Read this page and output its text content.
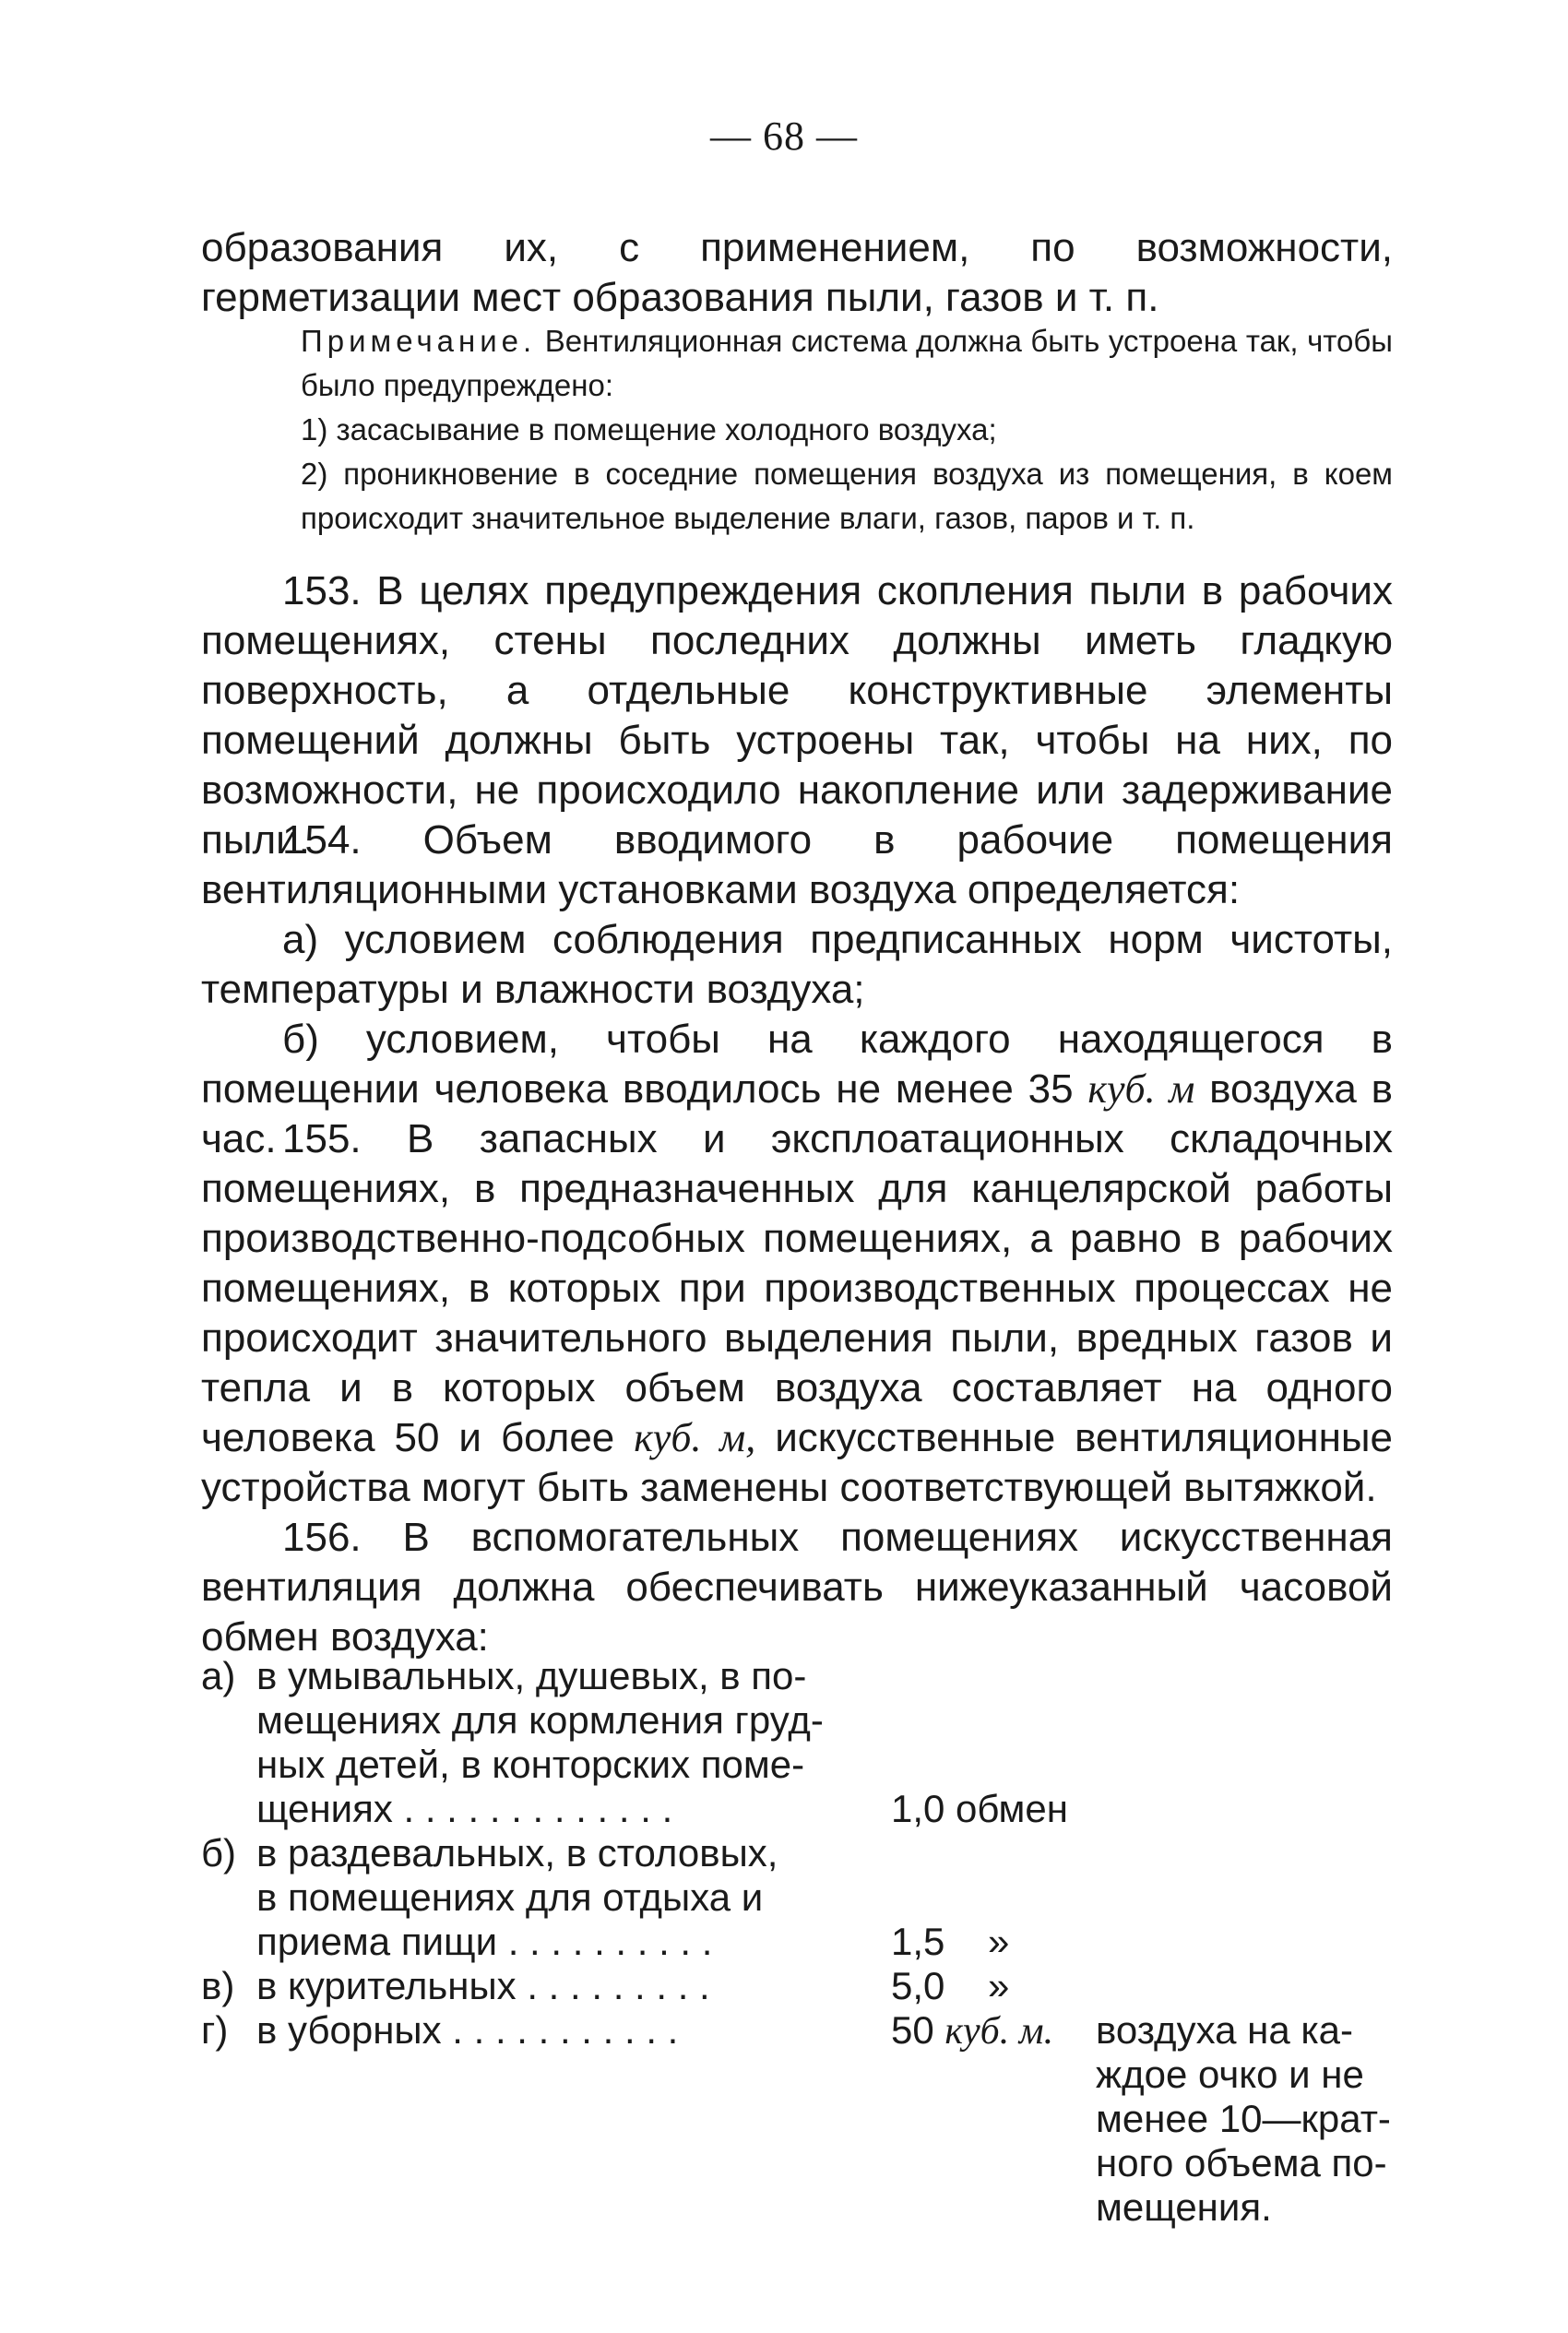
— 68 —

образования их, с применением, по возможности, герметизации мест образования пыли, газов и т. п.

Примечание. Вентиляционная система должна быть устроена так, чтобы было предупреждено:

1) засасывание в помещение холодного воздуха;

2) проникновение в соседние помещения воздуха из помещения, в коем происходит значительное выделение влаги, газов, паров и т. п.

153. В целях предупреждения скопления пыли в рабочих помещениях, стены последних должны иметь гладкую поверхность, а отдельные конструктивные элементы помещений должны быть устроены так, чтобы на них, по возможности, не происходило накопление или задерживание пыли.

154. Объем вводимого в рабочие помещения вентиляционными установками воздуха определяется:

а) условием соблюдения предписанных норм чистоты, температуры и влажности воздуха;

б) условием, чтобы на каждого находящегося в помещении человека вводилось не менее 35 куб. м воздуха в час. 155. В запасных и эксплоатационных складочных помещениях, в предназначенных для канцелярской работы производственно-подсобных помещениях, а равно в рабочих помещениях, в которых при производственных процессах не происходит значительного выделения пыли, вредных газов и тепла и в которых объем воздуха составляет на одного человека 50 и более куб. м, искусственные вентиляционные устройства могут быть заменены соответствующей вытяжкой.

156. В вспомогательных помещениях искусственная вентиляция должна обеспечивать нижеуказанный часовой обмен воздуха:

а) в умывальных, душевых, в по-
мещениях для кормления груд-
ных детей, в конторских поме-
щениях . . . . . . . . . . . . .	1,0 обмен
б) в раздевальных, в столовых,
в помещениях для отдыха и
приема пищи . . . . . . . . . .	1,5    »
в) в курительных . . . . . . . . .	5,0    »
г) в уборных . . . . . . . . . . .	50 куб. м. воздуха на ка-
ждое очко и не
менее 10—крат-
ного объема по-
мещения.
